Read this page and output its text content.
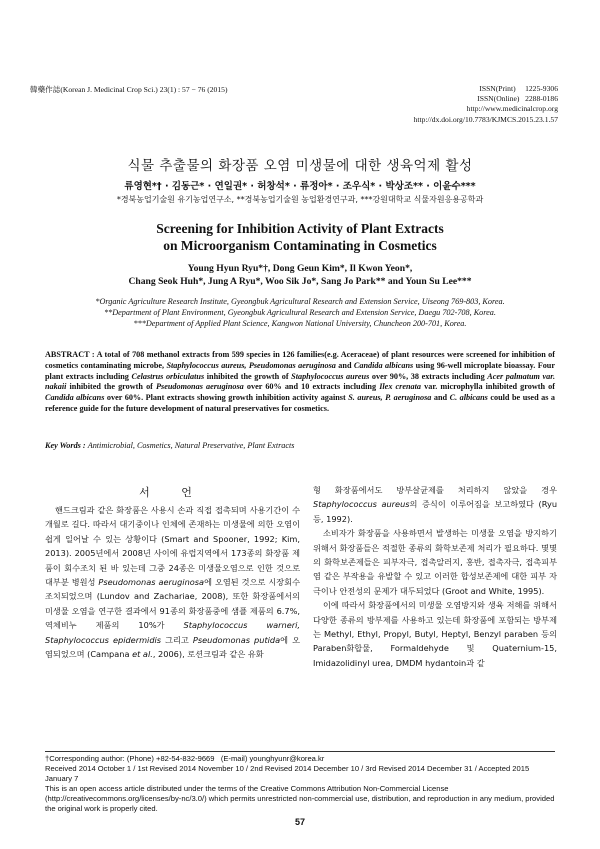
韓藥作誌(Korean J. Medicinal Crop Sci.) 23(1) : 57 − 76 (2015)	ISSN(Print)     1225-9306
ISSN(Online)   2288-0186
http://www.medicinalcrop.org
http://dx.doi.org/10.7783/KJMCS.2015.23.1.57
식물 추출물의 화장품 오염 미생물에 대한 생육억제 활성
류영현*† · 김동근* · 연일권* · 허창석* · 류정아* · 조우식* · 박상조** · 이윤수***
*경북농업기술원 유기농업연구소, **경북농업기술원 농업환경연구과, ***강원대학교 식물자원응용공학과
Screening for Inhibition Activity of Plant Extracts
on Microorganism Contaminating in Cosmetics
Young Hyun Ryu*†, Dong Geun Kim*, Il Kwon Yeon*,
Chang Seok Huh*, Jung A Ryu*, Woo Sik Jo*, Sang Jo Park** and Youn Su Lee***
*Organic Agriculture Research Institute, Gyeongbuk Agricultural Research and Extension Service, Uiseong 769-803, Korea.
**Department of Plant Environment, Gyeongbuk Agricultural Research and Extension Service, Daegu 702-708, Korea.
***Department of Applied Plant Science, Kangwon National University, Chuncheon 200-701, Korea.
ABSTRACT : A total of 708 methanol extracts from 599 species in 126 families(e.g. Aceraceae) of plant resources were screened for inhibition of cosmetics contaminating microbe, Staphylococcus aureus, Pseudomonas aeruginosa and Candida albicans using 96-well microplate bioassay. Four plant extracts including Celastrus orbiculatus inhibited the growth of Staphylococcus aureus over 90%, 38 extracts including Acer palmatum var. nakaii inhibited the growth of Pseudomonas aeruginosa over 60% and 10 extracts including Ilex crenata var. microphylla inhibited growth of Candida albicans over 60%. Plant extracts showing growth inhibition activity against S. aureus, P. aeruginosa and C. albicans could be used as a reference guide for the future development of natural preservatives for cosmetics.
Key Words : Antimicrobial, Cosmetics, Natural Preservative, Plant Extracts
서 언

핸드크림과 같은 화장품은 사용시 손과 직접 접촉되며 사용기간이 수개월로 길다. 따라서 대기중이나 인체에 존재하는 미생물에 의한 오염이 쉽게 일어날 수 있는 상황이다 (Smart and Spooner, 1992; Kim, 2013). 2005년에서 2008년 사이에 유럽지역에서 173종의 화장품 제품이 회수조치 된 바 있는데 그중 24종은 미생물오염으로 인한 것으로 대부분 병원성 Pseudomonas aeruginosa에 오염된 것으로 시장회수 조치되었으며 (Lundov and Zachariae, 2008), 또한 화장품에서의 미생물 오염을 연구한 결과에서 91종의 화장품중에 샘플 제품의 6.7%, 역체비누 제품의 10%가 Staphylococcus warneri, Staphylococcus epidermidis 그리고 Pseudomonas putida에 오염되었으며 (Campana et al., 2006), 로션크림과 같은 유화

형 화장품에서도 방부살균제를 처리하지 않았을 경우 Staphylococcus aureus의 증식이 이루어짐을 보고하였다 (Ryu 등, 1992).

소비자가 화장품을 사용하면서 발생하는 미생물 오염을 방지하기 위해서 화장품들은 적절한 종류의 화학보존제 처리가 필요하다. 몇몇의 화학보존제들은 피부자극, 접촉알러지, 홍반, 접촉자극, 접촉피부염 같은 부작용을 유발할 수 있고 이러한 합성보존제에 대한 피부 자극이나 안전성의 문제가 대두되었다 (Groot and White, 1995).

이에 따라서 화장품에서의 미생물 오염방지와 생육 저해를 위해서 다양한 종류의 방부제를 사용하고 있는데 화장품에 포함되는 방부제는 Methyl, Ethyl, Propyl, Butyl, Heptyl, Benzyl paraben 등의 Paraben화합물, Formaldehyde 및 Quaternium-15, Imidazolidinyl urea, DMDM hydantoin과 같

†Corresponding author: (Phone) +82-54-832-9669   (E-mail) younghyunr@korea.kr
Received 2014 October 1 / 1st Revised 2014 November 10 / 2nd Revised 2014 December 10 / 3rd Revised 2014 December 31 / Accepted 2015 January 7
This is an open access article distributed under the terms of the Creative Commons Attribution Non-Commercial License (http://creativecommons.org/licenses/by-nc/3.0/) which permits unrestricted non-commercial use, distribution, and reproduction in any medium, provided the original work is properly cited.
57
